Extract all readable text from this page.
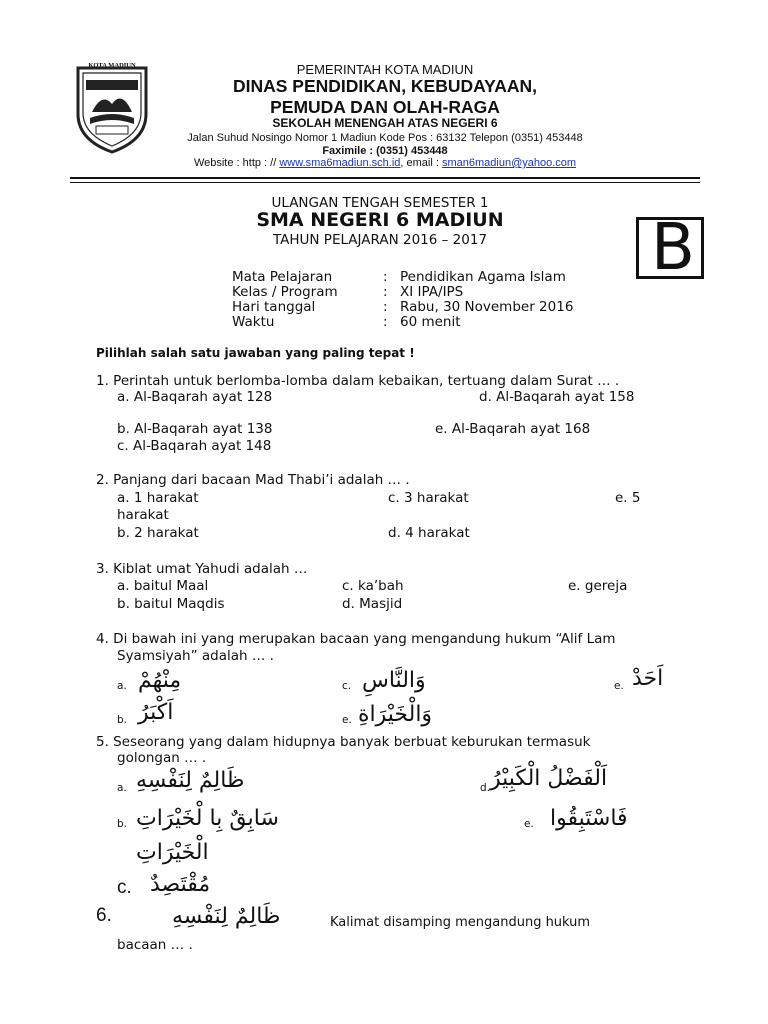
KOTA MADIUN	PEMERINTAH KOTA MADIUN
DINAS PENDIDIKAN, KEBUDAYAAN,
PEMUDA DAN OLAH-RAGA
SEKOLAH MENENGAH ATAS NEGERI 6
Jalan Suhud Nosingo Nomor 1 Madiun Kode Pos : 63132 Telepon (0351) 453448
Faximile : (0351) 453448
Website : http : // www.sma6madiun.sch.id, email : sman6madiun@yahoo.com
ULANGAN TENGAH SEMESTER 1
SMA NEGERI 6 MADIUN
TAHUN PELAJARAN 2016 – 2017	B
Mata Pelajaran	: Pendidikan Agama Islam
Kelas / Program	: XI IPA/IPS
Hari tanggal	: Rabu, 30 November 2016
Waktu	: 60 menit
Pilihlah salah satu jawaban yang paling tepat !
1. Perintah untuk berlomba-lomba dalam kebaikan, tertuang dalam Surat … .
a. Al-Baqarah ayat 128	d. Al-Baqarah ayat 158
b. Al-Baqarah ayat 138	e. Al-Baqarah ayat 168
c. Al-Baqarah ayat 148
2. Panjang dari bacaan Mad Thabi’i adalah … .
a. 1 harakat	c. 3 harakat	e. 5
harakat
b. 2 harakat	d. 4 harakat
3. Kiblat umat Yahudi adalah …
a. baitul Maal	c. ka’bah	e. gereja
b. baitul Maqdis	d. Masjid
4. Di bawah ini yang merupakan bacaan yang mengandung hukum “Alif Lam
Syamsiyah” adalah … .
a. مِنْهُمْ	c. وَالنَّاسِ	e. اَحَدْ
b. اَكْبَرُ	e. وَالْخَيْرَاةِ
5. Seseorang yang dalam hidupnya banyak berbuat keburukan termasuk
golongan … .
a. ظَالِمٌ لِنَفْسِهِ	d. اَلْفَضْلُ الْكَبِيْرُ
b. سَابِقٌ بِا لْخَيْرَاتِ	e. فَاسْتَبِقُوا
الْخَيْرَاتِ
c. مُقْتَصِدٌ
6.	ظَالِمٌ لِنَفْسِهِ	Kalimat disamping mengandung hukum
bacaan … .
